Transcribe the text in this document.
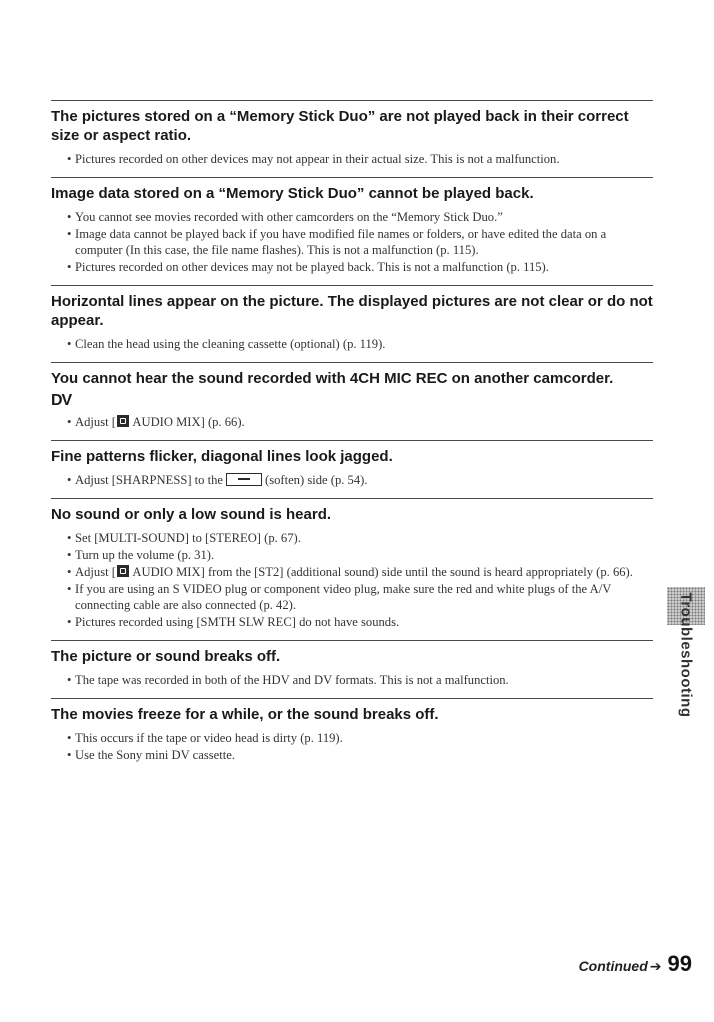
The pictures stored on a “Memory Stick Duo” are not played back in their correct size or aspect ratio.
• Pictures recorded on other devices may not appear in their actual size. This is not a malfunction.
Image data stored on a “Memory Stick Duo” cannot be played back.
• You cannot see movies recorded with other camcorders on the “Memory Stick Duo.”
• Image data cannot be played back if you have modified file names or folders, or have edited the data on a computer (In this case, the file name flashes). This is not a malfunction (p. 115).
• Pictures recorded on other devices may not be played back. This is not a malfunction (p. 115).
Horizontal lines appear on the picture. The displayed pictures are not clear or do not appear.
• Clean the head using the cleaning cassette (optional) (p. 119).
You cannot hear the sound recorded with 4CH MIC REC on another camcorder.
DV
• Adjust [ AUDIO MIX] (p. 66).
Fine patterns flicker, diagonal lines look jagged.
• Adjust [SHARPNESS] to the	(soften) side (p. 54).
No sound or only a low sound is heard.
• Set [MULTI-SOUND] to [STEREO] (p. 67).
• Turn up the volume (p. 31).
• Adjust [ AUDIO MIX] from the [ST2] (additional sound) side until the sound is heard appropriately (p. 66).
• If you are using an S VIDEO plug or component video plug, make sure the red and white plugs of the A/V connecting cable are also connected (p. 42).
• Pictures recorded using [SMTH SLW REC] do not have sounds.
The picture or sound breaks off.
• The tape was recorded in both of the HDV and DV formats. This is not a malfunction.
The movies freeze for a while, or the sound breaks off.
• This occurs if the tape or video head is dirty (p. 119).
• Use the Sony mini DV cassette.
Troubleshooting
Continued ➔ 99
